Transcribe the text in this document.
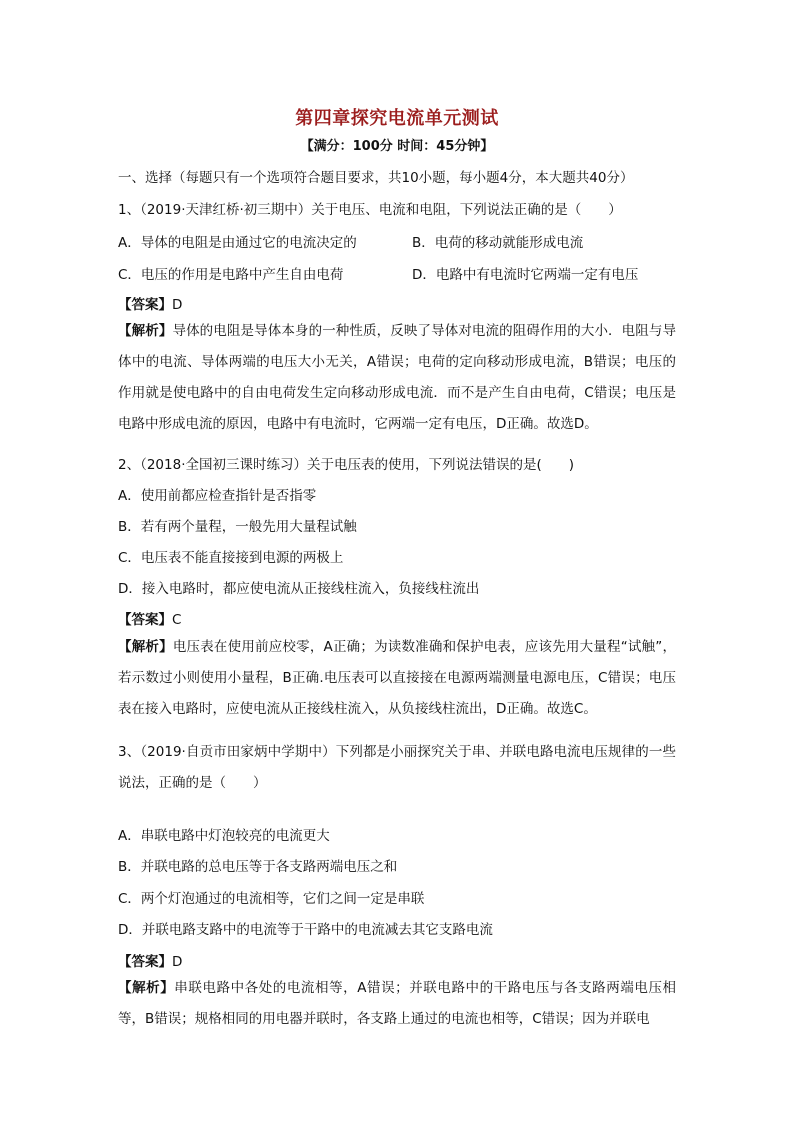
第四章探究电流单元测试
【满分：100分 时间：45分钟】
一、选择（每题只有一个选项符合题目要求，共10小题，每小题4分，本大题共40分）
1、（2019·天津红桥·初三期中）关于电压、电流和电阻，下列说法正确的是（　　）
A．导体的电阻是由通过它的电流决定的	B．电荷的移动就能形成电流
C．电压的作用是电路中产生自由电荷	D．电路中有电流时它两端一定有电压
【答案】D
【解析】导体的电阻是导体本身的一种性质，反映了导体对电流的阻碍作用的大小．电阻与导体中的电流、导体两端的电压大小无关，A错误；电荷的定向移动形成电流，B错误；电压的作用就是使电路中的自由电荷发生定向移动形成电流．而不是产生自由电荷，C错误；电压是电路中形成电流的原因，电路中有电流时，它两端一定有电压，D正确。故选D。
2、（2018·全国初三课时练习）关于电压表的使用，下列说法错误的是(　　)
A．使用前都应检查指针是否指零
B．若有两个量程，一般先用大量程试触
C．电压表不能直接接到电源的两极上
D．接入电路时，都应使电流从正接线柱流入，负接线柱流出
【答案】C
【解析】电压表在使用前应校零，A正确；为读数准确和保护电表，应该先用大量程“试触”，若示数过小则使用小量程，B正确.电压表可以直接接在电源两端测量电源电压，C错误；电压表在接入电路时，应使电流从正接线柱流入，从负接线柱流出，D正确。故选C。
3、（2019·自贡市田家炳中学期中）下列都是小丽探究关于串、并联电路电流电压规律的一些说法，正确的是（　　）
A．串联电路中灯泡较亮的电流更大
B．并联电路的总电压等于各支路两端电压之和
C．两个灯泡通过的电流相等，它们之间一定是串联
D．并联电路支路中的电流等于干路中的电流减去其它支路电流
【答案】D
【解析】串联电路中各处的电流相等，A错误；并联电路中的干路电压与各支路两端电压相等，B错误；规格相同的用电器并联时，各支路上通过的电流也相等，C错误；因为并联电
